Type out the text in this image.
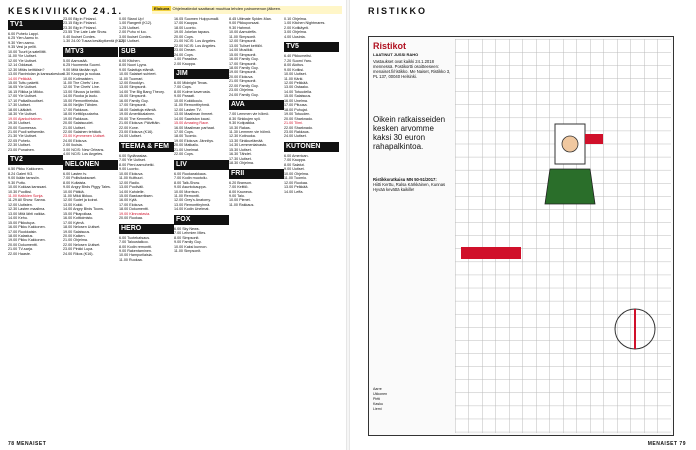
KESKIVIIKKO 24.1.	Elokuva Ohjelmatiedot saattavat muuttua lehden painomenon jälkeen.
TV1
6.00 Puhelu Lappi.
6.25 Ylen Aamu tv.
9.30 Ylen aamu.
9.35 Vesi ja pellit.
10.00 Tuurit ja satelliitit.
11.00 Yle Uutiset.
12.00 Yle Uutiset.
12.14 Oddasat.
12.30 Mitäs keittäisin?
13.00 Ravintolan ja kanssakeskus.
14.00 Pelkkää.
15.00 Tuttu paketti.
16.05 Yle Uutiset.
16.15 Riikka ja Mikko.
17.00 Yle Uutiset.
17.10 Paikallisuutiset.
17.30 Uutiset.
18.00 Lääkärit.
18.30 Yle Uutiset.
19.00 Ajankohtainen.
19.30 Uutiset.
20.00 Suomessa.
21.00 Puoli seitsemän.
21.30 Yle Uutiset.
22.05 Puhelu.
22.30 Uutiset.
23.00 Punainen.
TV2
6.50 Pikku Kakkonen.
8.24 Galeri 9/3.
9.00 Ikään tanssiin.
9.30 Puttu.
10.00 Kokkaa kanssani.
10.30 Puoliksi.
11.00 Kaikkien Sonja.
11.29 All Show: Sanna.
12.00 Uutisten.
12.30 Lasten maailma.
13.00 Mitä lähti vaikka.
14.00 Kehu.
15.00 Pikkutupa.
16.00 Pikku Kakkonen.
17.00 Ruokkaisin.
18.00 Kalastus.
19.00 Pikku Kakkonen.
20.00 Dokumentti.
21.00 TV-sarja.
22.00 Haaste.
23.00 Big in Finland.
23.15 Big in Finland.
23.30 Big in Finland.
23.55 The Late Late Show.
0.40 Ikuiset Cordes.
1.30 24.00 Tusaa kesäkytkentä (K12).
MTV3
5.00 Aamusää.
6.25 Huomenta Suomi.
9.00 Mitä tänään syö.
9.30 Kauppa ja ruokaa.
10.00 Kotimaisten.
11.00 The Chefs' Line.
12.00 The Chefs' Line.
13.00 Siivous ja keittiö.
14.00 Ruoka ja laulu.
15.00 Remonttireiska.
16.00 Neljän Tähden.
17.00 Rakkaus.
18.00 Keittiöpuutarha.
19.00 Rakkaus.
20.00 Salaisuudet.
21.00 Uutiset.
22.00 Salainen tehtävä.
23.00 Kymmenen Uutiset.
24.00 Elokuva.
2.00 Ikuisia.
3.00 NCIS: New Orleans.
4.00 NCIS: Los Angeles.
NELONEN
6.00 Lasten tv.
7.00 Poliisikaksoset.
8.00 Kultaista.
9.00 Angry Birds Piggy Tales.
10.00 Pätkiä.
11.00 Mikä liikkuu.
12.00 Sudet ja koirat.
13.00 Kokki.
14.00 Angry Birds Toons.
15.00 Pikapoikaa.
16.00 Kotitoimisto.
17.00 Kylmä.
18.00 Nelosen Uutiset.
19.00 Salaisuus.
20.00 Kaiken.
21.00 Ohjelma.
22.00 Nelosen Uutiset.
23.00 Pinkki Lupa.
24.00 Rikos (K16).
0.00 Stand Up!
1.00 Rangerit (K12).
1.25 Uutiset.
2.00 Puhu ni luo.
3.00 Ikuiset Cordes.
4.00 Uutiset.
SUB
6.00 Kitchen.
8.00 Nuori Lyyra.
9.00 Salattuja elämiä.
10.00 Salaiset suhteet.
11.00 Tuomari.
12.00 Brooklyn.
13.00 Simpsonit.
14.00 The Big Bang Theory.
15.00 Simpsonit.
16.00 Family Guy.
17.00 Simpsonit.
18.00 Salattuja elämiä.
19.00 Amerikkalainen.
20.00 The Kenneths.
21.00 Elokuva: Päivittäin.
22.00 Kone.
23.00 Elokuva (K16).
24.00 Uutiset.
TEEMA & FEM
6.00 Sydänasiaa.
7.00 Yle Uutiset.
8.00 Pieni aamuhetki.
9.00 Luonto.
10.00 Elokuva.
11.00 Kulttuuri.
12.00 Radio.
13.00 Puoliväli.
14.00 Kahdelle.
15.00 Bastuseriksen.
16.00 Kylä.
17.00 Elokuva.
18.00 Dokumentti.
19.00 Kiinnostavia.
20.00 Ruokaa.
HERO
6.00 Tuotekatsaus.
7.00 Taloustalkoo.
8.00 Kodin remontti.
9.00 Rakentaminen.
10.00 Hampurilaisia.
11.00 Ruokaa.
16.05 Suomen Huippumalli.
17.00 Kauppa.
18.00 Luonto.
19.00 Jokelan tapaus.
20.00 Cops.
21.00 NCIS: Los Angeles.
22.00 NCIS: Los Angeles.
23.00 Dream.
24.00 Cops.
1.00 Paradise.
2.00 Kauppa.
JIM
6.00 Midnight Texas.
7.00 Cops.
8.00 Kolme kaverusta.
9.00 Paraati.
10.00 Kokkikoulu.
11.00 Remonttiryhmä.
12.00 Lasten TV.
13.00 Maailman ihmeet.
14.00 Saariston kausi.
15.00 Amazing Race.
16.00 Maailman parhaat.
17.00 Cops.
18.00 Tuomio.
19.00 Elokuva: Jännitys.
20.00 Matkailu.
21.00 Unelmat.
22.00 Cops.
LIV
6.00 Ruokarakkaus.
7.00 Kodin muotoilu.
8.00 Talk-Show.
9.00 Asuntokauppa.
10.00 Morrison.
11.00 Remontti.
12.00 Grey's Anatomy.
13.00 Remonttiryhmä.
14.00 Kodin Unelmat.
FOX
6.00 Sky News.
7.00 Lehmien Mies.
8.00 Simpsonit.
9.00 Family Guy.
10.00 Kaksi kunnon.
11.00 Simpsonit.
8.45 Ultimate Spider-Man.
9.00 Pikkuporsaat.
9.30 Hahmot.
10.00 Aamuleffa.
11.00 Simpsonit.
12.00 Simpsonit.
13.00 Tuliset keittiöt.
14.00 Musiikki.
15.00 Simpsonit.
16.00 Family Guy.
17.00 Simpsonit.
18.00 Family Guy.
19.00 Simpsonit.
20.00 Elokuva.
21.00 Simpsonit.
22.00 Family Guy.
23.00 Ohjelma.
24.00 Family Guy.
AVA
7.00 Lemmen vie hölmö.
8.30 Sinkkujen syli.
9.30 Kotipaikka.
10.30 Rakas.
11.30 Lemmen vie hölmö.
12.30 Kotiruoka.
13.30 Sinkkuelämää.
14.30 Lemmenlaivasto.
15.30 Uutiset.
16.30 Tähdet.
17.30 Uutiset.
18.30 Ohjelma.
FRII
6.20 Branson.
7.00 Keittiö.
8.00 Kauneus.
9.00 Talo.
10.00 Pienet.
11.00 Rakkaus.
0.10 Ohjelma.
1.00 Kitchen Nightmares.
2.00 Kotikäynti.
3.00 Ohjelma.
4.00 Uusinta.
TV5
6.40 Pikkumeitsi.
7.20 Suomi Yaru.
8.00 Aloitus.
9.00 Kotiksi.
10.00 Uutiset.
11.00 Kärki.
12.00 Pelkkää.
13.00 Ostaako.
14.00 Totuudella.
15.00 Salaisuus.
16.00 Unelma.
17.00 Pituusa.
18.00 Puhujat.
19.00 Totuuden.
20.00 Sharknado.
21.00 Tiimi.
22.00 Sharknado.
23.00 Rakkaus.
24.00 Uutiset.
KUTONEN
6.00 American.
7.00 Kauppa.
8.00 Salatut.
9.00 Uutiset.
10.00 Ohjelma.
11.00 Tuomio.
12.00 Ruokaa.
13.00 Pelkkää.
14.00 Leffa.
78 MENAISET
RISTIKKO
MENAISET 79
Ristikot
LAATINUT JUSSI RAHO
Vastaukset ovat kaikki 24.1.2018 mennessä. Postikortti osoitteeseen: menaiset.fi/ristikko. Me Naiset, Ristikko 3, PL 137, 00040 Helsinki.
Oikein ratkaisseiden kesken arvomme kaksi 30 euron rahapalkintoa.
Ristikkoratkaisu MN 50-51/2017:
Hiitti Kerttu, Ralsa Kärkkäinen, Kunnas
Hyvää kevättä kaikille!
Aarre
Ukkonen
Pirtti
Kasku
Liemi
